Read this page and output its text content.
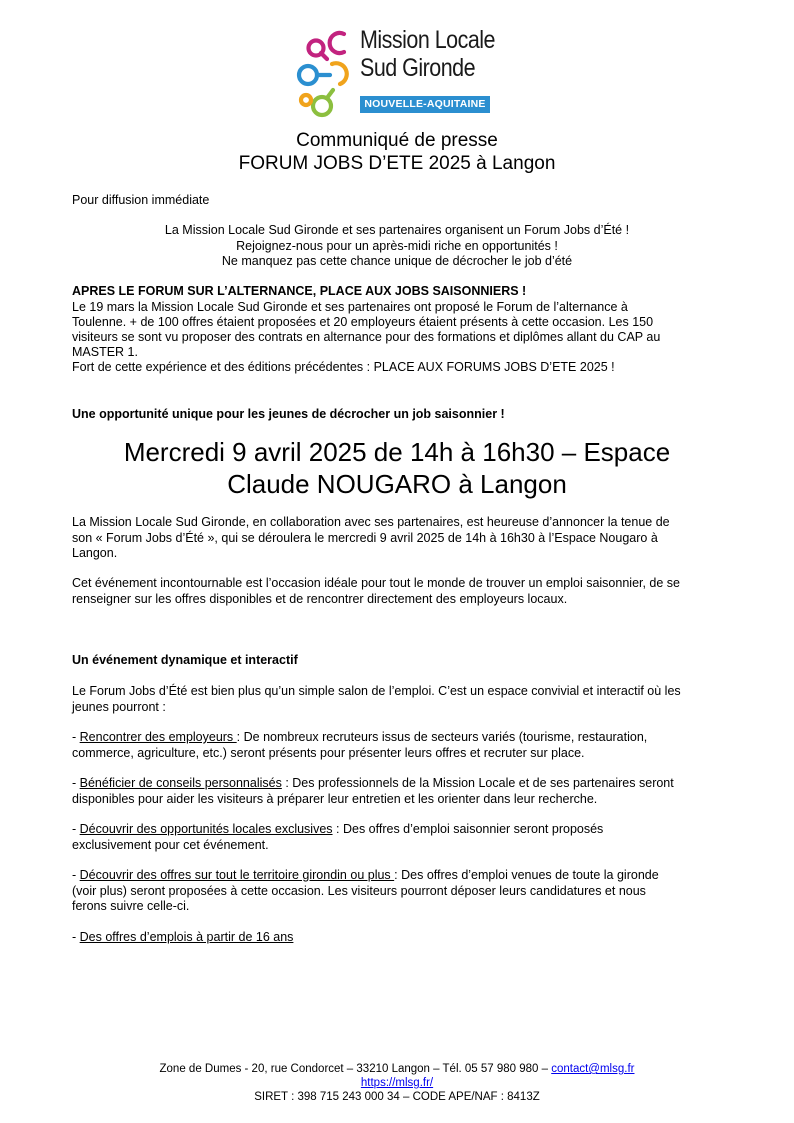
Mission Locale
Sud Gironde
NOUVELLE-AQUITAINE
Communiqué de presse
FORUM JOBS D’ETE 2025 à Langon
Pour diffusion immédiate
La Mission Locale Sud Gironde et ses partenaires organisent un Forum Jobs d’Été !
Rejoignez-nous pour un après-midi riche en opportunités !
Ne manquez pas cette chance unique de décrocher le job d’été
APRES LE FORUM SUR L’ALTERNANCE, PLACE AUX JOBS SAISONNIERS !
Le 19 mars la Mission Locale Sud Gironde et ses partenaires ont proposé le Forum de l’alternance à
Toulenne. + de 100 offres étaient proposées et 20 employeurs étaient présents à cette occasion. Les 150
visiteurs se sont vu proposer des contrats en alternance pour des formations et diplômes allant du CAP au
MASTER 1.
Fort de cette expérience et des éditions précédentes : PLACE AUX FORUMS JOBS D’ETE 2025 !
Une opportunité unique pour les jeunes de décrocher un job saisonnier !
Mercredi 9 avril 2025 de 14h à 16h30 – Espace
Claude NOUGARO à Langon
La Mission Locale Sud Gironde, en collaboration avec ses partenaires, est heureuse d’annoncer la tenue de
son « Forum Jobs d’Été », qui se déroulera le mercredi 9 avril 2025 de 14h à 16h30 à l’Espace Nougaro à
Langon.
Cet événement incontournable est l’occasion idéale pour tout le monde de trouver un emploi saisonnier, de se
renseigner sur les offres disponibles et de rencontrer directement des employeurs locaux.
Un événement dynamique et interactif
Le Forum Jobs d’Été est bien plus qu’un simple salon de l’emploi. C’est un espace convivial et interactif où les
jeunes pourront :
- Rencontrer des employeurs : De nombreux recruteurs issus de secteurs variés (tourisme, restauration,
commerce, agriculture, etc.) seront présents pour présenter leurs offres et recruter sur place.
- Bénéficier de conseils personnalisés : Des professionnels de la Mission Locale et de ses partenaires seront
disponibles pour aider les visiteurs à préparer leur entretien et les orienter dans leur recherche.
- Découvrir des opportunités locales exclusives : Des offres d’emploi saisonnier seront proposés
exclusivement pour cet événement.
- Découvrir des offres sur tout le territoire girondin ou plus : Des offres d’emploi venues de toute la gironde
(voir plus) seront proposées à cette occasion. Les visiteurs pourront déposer leurs candidatures et nous
ferons suivre celle-ci.
- Des offres d’emplois à partir de 16 ans
Zone de Dumes - 20, rue Condorcet – 33210 Langon – Tél. 05 57 980 980 – contact@mlsg.fr
https://mlsg.fr/
SIRET : 398 715 243 000 34 – CODE APE/NAF : 8413Z
